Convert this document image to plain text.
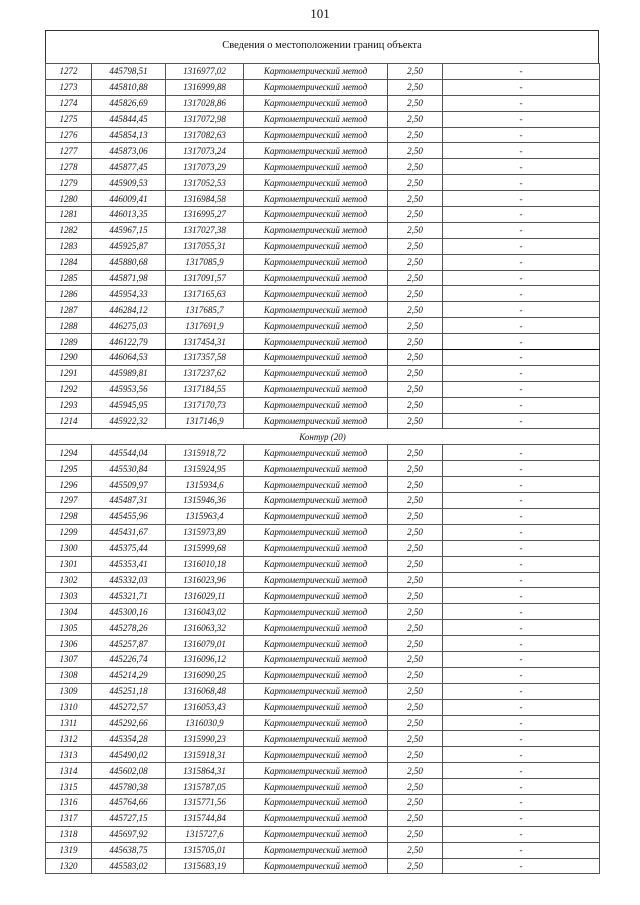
101
Сведения о местоположении границ объекта
1272	445798,51	1316977,02	Картометрический метод	2,50	-
1273	445810,88	1316999,88	Картометрический метод	2,50	-
1274	445826,69	1317028,86	Картометрический метод	2,50	-
1275	445844,45	1317072,98	Картометрический метод	2,50	-
1276	445854,13	1317082,63	Картометрический метод	2,50	-
1277	445873,06	1317073,24	Картометрический метод	2,50	-
1278	445877,45	1317073,29	Картометрический метод	2,50	-
1279	445909,53	1317052,53	Картометрический метод	2,50	-
1280	446009,41	1316984,58	Картометрический метод	2,50	-
1281	446013,35	1316995,27	Картометрический метод	2,50	-
1282	445967,15	1317027,38	Картометрический метод	2,50	-
1283	445925,87	1317055,31	Картометрический метод	2,50	-
1284	445880,68	1317085,9	Картометрический метод	2,50	-
1285	445871,98	1317091,57	Картометрический метод	2,50	-
1286	445954,33	1317165,63	Картометрический метод	2,50	-
1287	446284,12	1317685,7	Картометрический метод	2,50	-
1288	446275,03	1317691,9	Картометрический метод	2,50	-
1289	446122,79	1317454,31	Картометрический метод	2,50	-
1290	446064,53	1317357,58	Картометрический метод	2,50	-
1291	445989,81	1317237,62	Картометрический метод	2,50	-
1292	445953,56	1317184,55	Картометрический метод	2,50	-
1293	445945,95	1317170,73	Картометрический метод	2,50	-
1214	445922,32	1317146,9	Картометрический метод	2,50	-
Контур (20)					
1294	445544,04	1315918,72	Картометрический метод	2,50	-
1295	445530,84	1315924,95	Картометрический метод	2,50	-
1296	445509,97	1315934,6	Картометрический метод	2,50	-
1297	445487,31	1315946,36	Картометрический метод	2,50	-
1298	445455,96	1315963,4	Картометрический метод	2,50	-
1299	445431,67	1315973,89	Картометрический метод	2,50	-
1300	445375,44	1315999,68	Картометрический метод	2,50	-
1301	445353,41	1316010,18	Картометрический метод	2,50	-
1302	445332,03	1316023,96	Картометрический метод	2,50	-
1303	445321,71	1316029,11	Картометрический метод	2,50	-
1304	445300,16	1316043,02	Картометрический метод	2,50	-
1305	445278,26	1316063,32	Картометрический метод	2,50	-
1306	445257,87	1316079,01	Картометрический метод	2,50	-
1307	445226,74	1316096,12	Картометрический метод	2,50	-
1308	445214,29	1316090,25	Картометрический метод	2,50	-
1309	445251,18	1316068,48	Картометрический метод	2,50	-
1310	445272,57	1316053,43	Картометрический метод	2,50	-
1311	445292,66	1316030,9	Картометрический метод	2,50	-
1312	445354,28	1315990,23	Картометрический метод	2,50	-
1313	445490,02	1315918,31	Картометрический метод	2,50	-
1314	445602,08	1315864,31	Картометрический метод	2,50	-
1315	445780,38	1315787,05	Картометрический метод	2,50	-
1316	445764,66	1315771,56	Картометрический метод	2,50	-
1317	445727,15	1315744,84	Картометрический метод	2,50	-
1318	445697,92	1315727,6	Картометрический метод	2,50	-
1319	445638,75	1315705,01	Картометрический метод	2,50	-
1320	445583,02	1315683,19	Картометрический метод	2,50	-
